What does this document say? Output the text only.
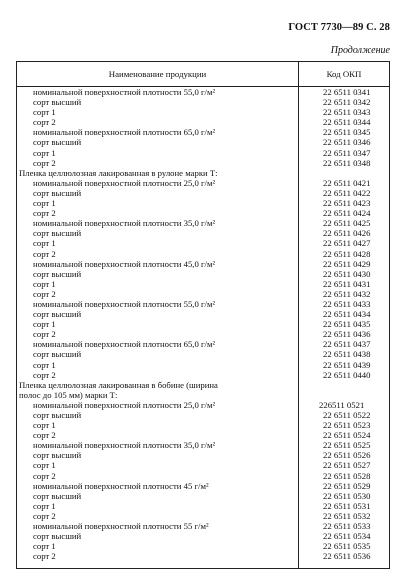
ГОСТ 7730—89 С. 28
Продолжение
Наименование продукции	Код ОКП
номинальной поверхностной плотности 55,0 г/м²	22 6511 0341
сорт высший	22 6511 0342
сорт 1	22 6511 0343
сорт 2	22 6511 0344
номинальной поверхностной плотности 65,0 г/м²	22 6511 0345
сорт высший	22 6511 0346
сорт 1	22 6511 0347
сорт 2	22 6511 0348
Пленка целлюлозная лакированная в рулоне марки Т:
номинальной поверхностной плотности 25,0 г/м²	22 6511 0421
сорт высший	22 6511 0422
сорт 1	22 6511 0423
сорт 2	22 6511 0424
номинальной поверхностной плотности 35,0 г/м²	22 6511 0425
сорт высший	22 6511 0426
сорт 1	22 6511 0427
сорт 2	22 6511 0428
номинальной поверхностной плотности 45,0 г/м²	22 6511 0429
сорт высший	22 6511 0430
сорт 1	22 6511 0431
сорт 2	22 6511 0432
номинальной поверхностной плотности 55,0 г/м²	22 6511 0433
сорт высший	22 6511 0434
сорт 1	22 6511 0435
сорт 2	22 6511 0436
номинальной поверхностной плотности 65,0 г/м²	22 6511 0437
сорт высший	22 6511 0438
сорт 1	22 6511 0439
сорт 2	22 6511 0440
Пленка целлюлозная лакированная в бобине (ширина
полос до 105 мм) марки Т:
номинальной поверхностной плотности 25,0 г/м²	226511 0521
сорт высший	22 6511 0522
сорт 1	22 6511 0523
сорт 2	22 6511 0524
номинальной поверхностной плотности 35,0 г/м²	22 6511 0525
сорт высший	22 6511 0526
сорт 1	22 6511 0527
сорт 2	22 6511 0528
номинальной поверхностной плотности 45 г/м²	22 6511 0529
сорт высший	22 6511 0530
сорт 1	22 6511 0531
сорт 2	22 6511 0532
номинальной поверхностной плотности 55 г/м²	22 6511 0533
сорт высший	22 6511 0534
сорт 1	22 6511 0535
сорт 2	22 6511 0536
